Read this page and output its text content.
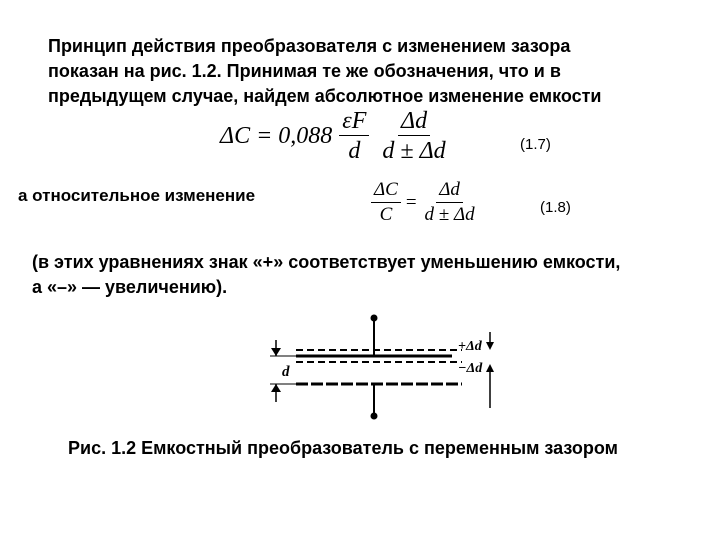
Принцип действия преобразователя с изменением зазора
показан на рис. 1.2. Принимая те же обозначения, что и в
предыдущем случае, найдем абсолютное изменение емкости
$\Delta C = 0,088 \frac{\varepsilon F}{d} \frac{\Delta d}{d \pm \Delta d}$	(1.7)
а относительное изменение	$\frac{\Delta C}{C} = \frac{\Delta d}{d \pm \Delta d}$	(1.8)
(в этих уравнениях знак «+» соответствует уменьшению емкости,
а «–» — увеличению).
d
+Δd
−Δd
Рис. 1.2 Емкостный преобразователь с переменным зазором
